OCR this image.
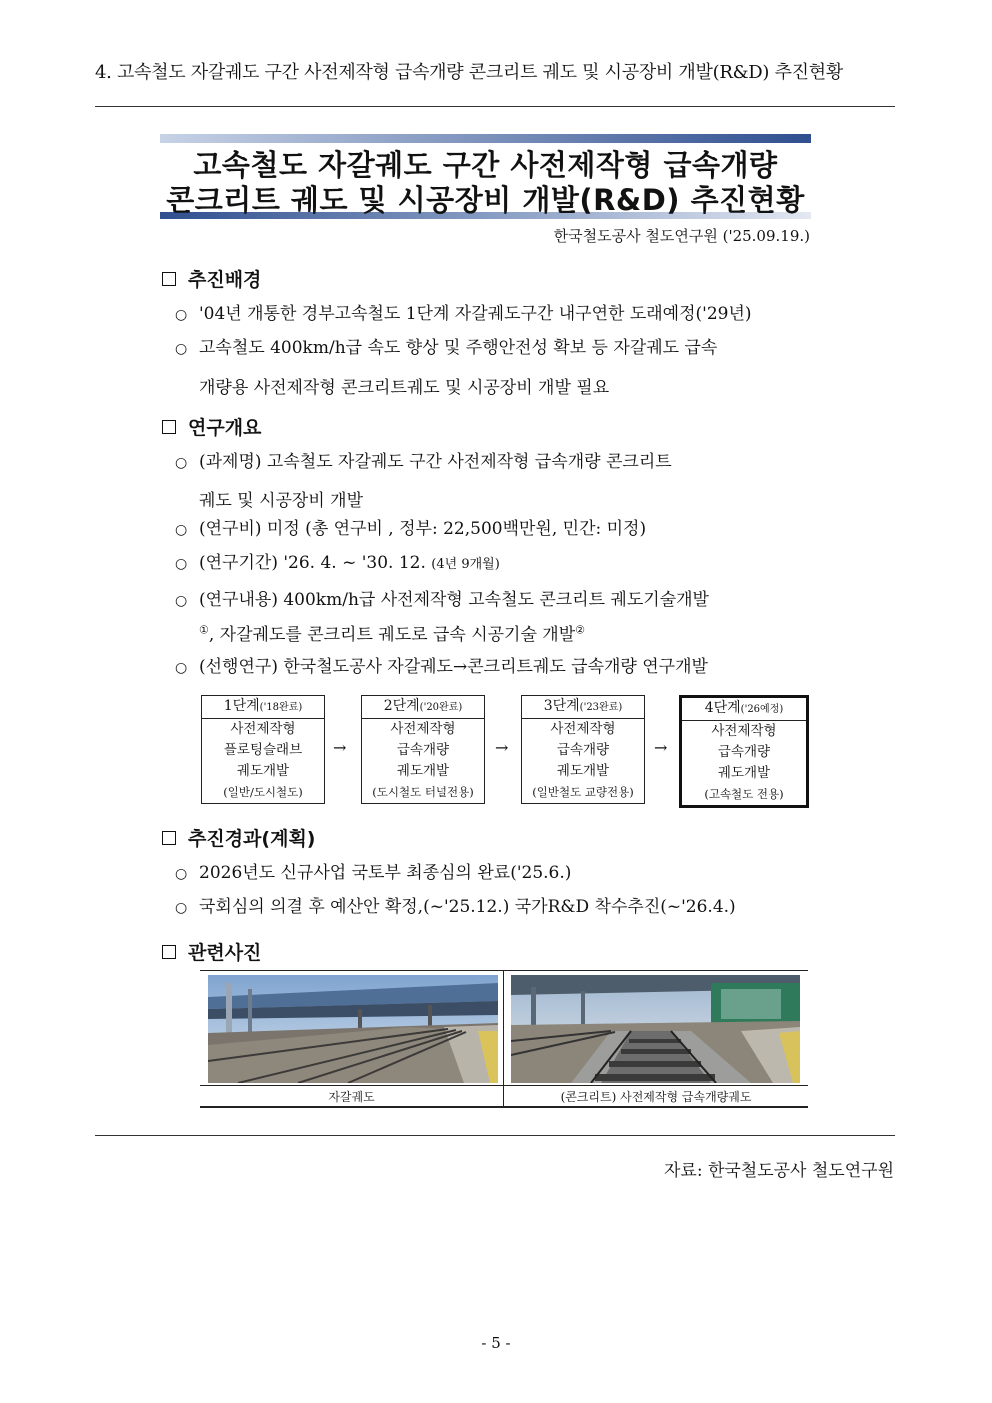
4. 고속철도 자갈궤도 구간 사전제작형 급속개량 콘크리트 궤도 및 시공장비 개발(R&D) 추진현황
고속철도 자갈궤도 구간 사전제작형 급속개량
콘크리트 궤도 및 시공장비 개발(R&D) 추진현황
한국철도공사 철도연구원 ('25.09.19.)
추진배경
○ '04년 개통한 경부고속철도 1단계 자갈궤도구간 내구연한 도래예정('29년)
○ 고속철도 400km/h급 속도 향상 및 주행안전성 확보 등 자갈궤도 급속
개량용 사전제작형 콘크리트궤도 및 시공장비 개발 필요
연구개요
○ (과제명) 고속철도 자갈궤도 구간 사전제작형 급속개량 콘크리트
궤도 및 시공장비 개발
○ (연구비) 미정 (총 연구비 , 정부: 22,500백만원, 민간: 미정)
○ (연구기간) '26. 4. ~ '30. 12. (4년 9개월)
○ (연구내용) 400km/h급 사전제작형 고속철도 콘크리트 궤도기술개발
①, 자갈궤도를 콘크리트 궤도로 급속 시공기술 개발②
○ (선행연구) 한국철도공사 자갈궤도→콘크리트궤도 급속개량 연구개발
1단계('18완료)
사전제작형
플로팅슬래브
궤도개발
(일반/도시철도)
→
2단계('20완료)
사전제작형
급속개량
궤도개발
(도시철도 터널전용)
→
3단계('23완료)
사전제작형
급속개량
궤도개발
(일반철도 교량전용)
→
4단계('26예정)
사전제작형
급속개량
궤도개발
(고속철도 전용)
추진경과(계획)
○ 2026년도 신규사업 국토부 최종심의 완료('25.6.)
○ 국회심의 의결 후 예산안 확정,(~'25.12.) 국가R&D 착수추진(~'26.4.)
관련사진
자갈궤도	(콘크리트) 사전제작형 급속개량궤도
자료: 한국철도공사 철도연구원
- 5 -
